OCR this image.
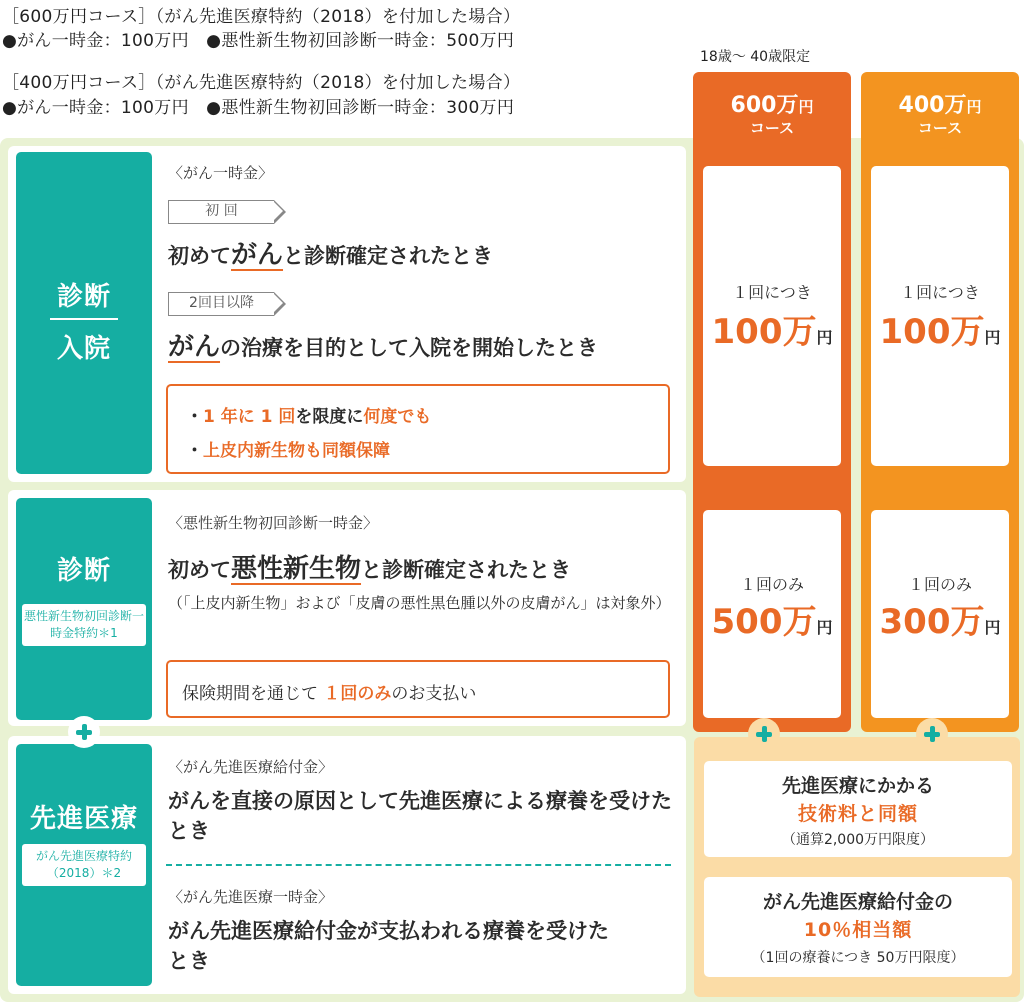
［600万円コース］（がん先進医療特約（2018）を付加した場合）
●がん一時金：100万円　●悪性新生物初回診断一時金：500万円
［400万円コース］（がん先進医療特約（2018）を付加した場合）
●がん一時金：100万円　●悪性新生物初回診断一時金：300万円
18歳～ 40歳限定
診断
入院
〈がん一時金〉
初 回
初めてがんと診断確定されたとき
2回目以降
がんの治療を目的として入院を開始したとき
・1 年に 1 回を限度に何度でも
・上皮内新生物も同額保障
診断
悪性新生物初回診断一時金特約＊1
〈悪性新生物初回診断一時金〉
初めて悪性新生物と診断確定されたとき
（「上皮内新生物」および「皮膚の悪性黒色腫以外の皮膚がん」は対象外）
保険期間を通じて １回のみのお支払い
先進医療
がん先進医療特約（2018）＊2
〈がん先進医療給付金〉
がんを直接の原因として先進医療による療養を受けたとき
〈がん先進医療一時金〉
がん先進医療給付金が支払われる療養を受けたとき
600万円
コース
１回につき
100万円
１回のみ
500万円
400万円
コース
１回につき
100万円
１回のみ
300万円
先進医療にかかる
技術料と同額
（通算2,000万円限度）
がん先進医療給付金の
10％相当額
（1回の療養につき 50万円限度）
